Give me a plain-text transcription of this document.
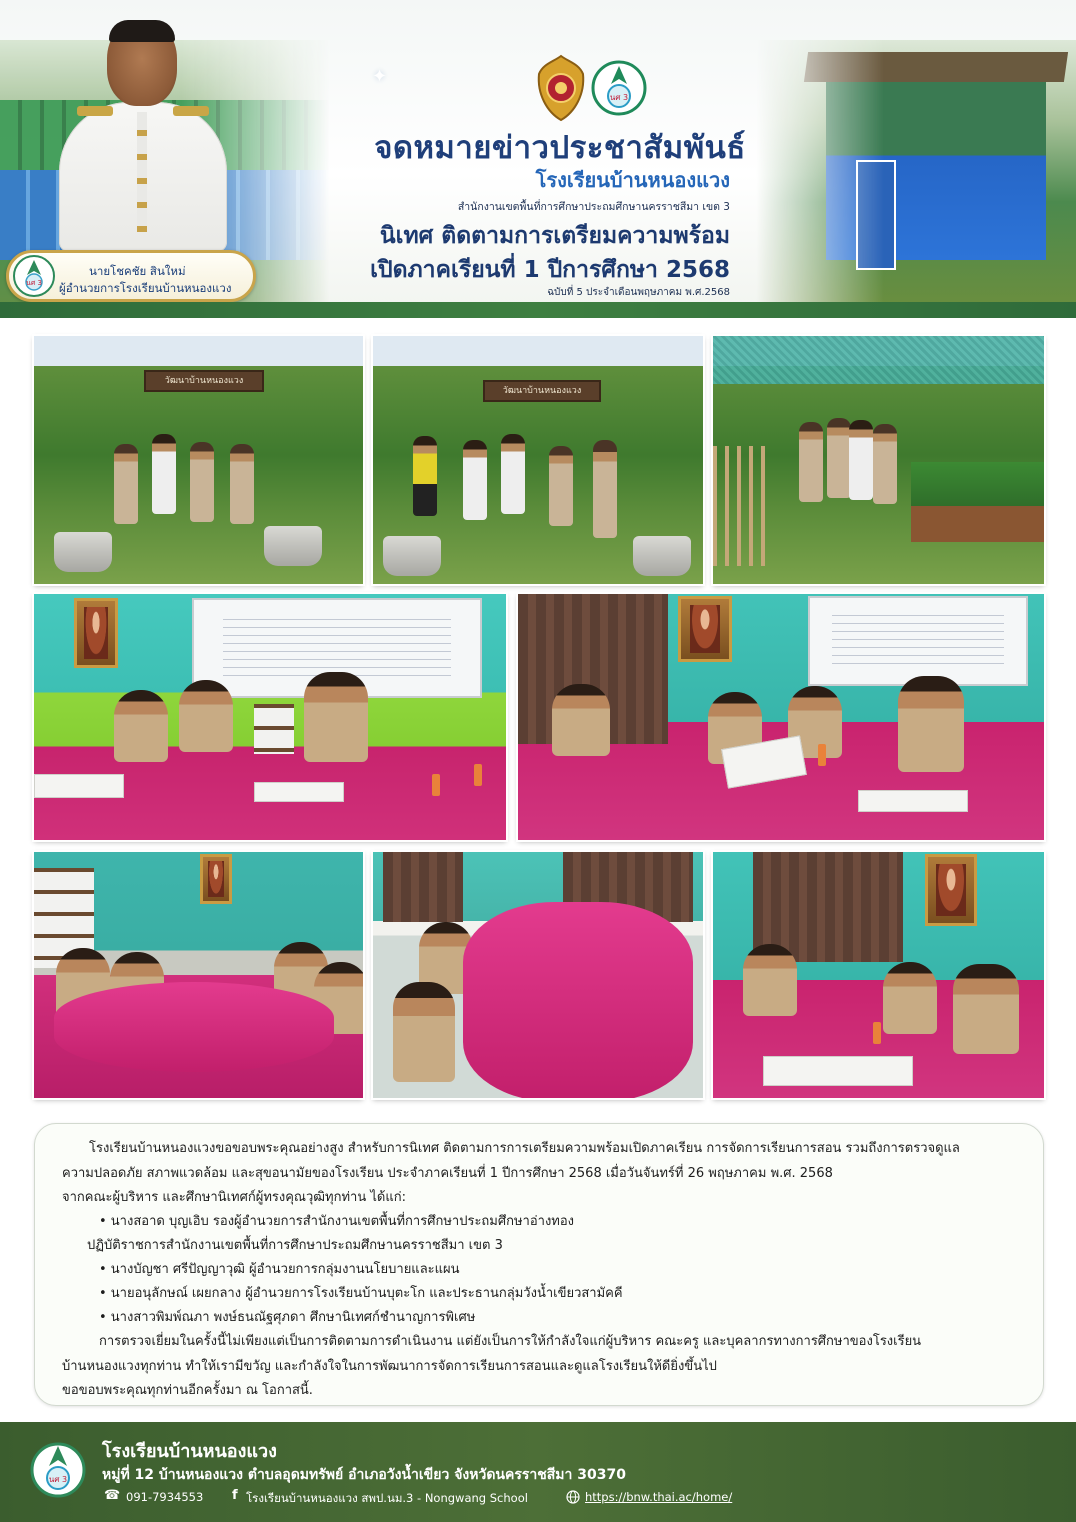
นศ 3
นายโชคชัย สินใหม่
ผู้อำนวยการโรงเรียนบ้านหนองแวง
นศ 3
✦
จดหมายข่าวประชาสัมพันธ์
โรงเรียนบ้านหนองแวง
สำนักงานเขตพื้นที่การศึกษาประถมศึกษานครราชสีมา เขต 3
นิเทศ ติดตามการเตรียมความพร้อม
เปิดภาคเรียนที่ 1 ปีการศึกษา 2568
ฉบับที่ 5 ประจำเดือนพฤษภาคม พ.ศ.2568
วัฒนาบ้านหนองแวง
วัฒนาบ้านหนองแวง
โรงเรียนบ้านหนองแวงขอขอบพระคุณอย่างสูง สำหรับการนิเทศ ติดตามการการเตรียมความพร้อมเปิดภาคเรียน การจัดการเรียนการสอน รวมถึงการตรวจดูแล
ความปลอดภัย สภาพแวดล้อม และสุขอนามัยของโรงเรียน ประจำภาคเรียนที่ 1 ปีการศึกษา 2568 เมื่อวันจันทร์ที่ 26 พฤษภาคม พ.ศ. 2568
จากคณะผู้บริหาร และศึกษานิเทศก์ผู้ทรงคุณวุฒิทุกท่าน ได้แก่:
• นางสอาด บุญเอิบ รองผู้อำนวยการสำนักงานเขตพื้นที่การศึกษาประถมศึกษาอ่างทอง
ปฏิบัติราชการสำนักงานเขตพื้นที่การศึกษาประถมศึกษานครราชสีมา เขต 3
• นางบัญชา ศรีปัญญาวุฒิ ผู้อำนวยการกลุ่มงานนโยบายและแผน
• นายอนุลักษณ์ เผยกลาง ผู้อำนวยการโรงเรียนบ้านบุตะโก และประธานกลุ่มวังน้ำเขียวสามัคคี
• นางสาวพิมพ์ณภา พงษ์ธนณัฐศุภดา ศึกษานิเทศก์ชำนาญการพิเศษ
การตรวจเยี่ยมในครั้งนี้ไม่เพียงแต่เป็นการติดตามการดำเนินงาน แต่ยังเป็นการให้กำลังใจแก่ผู้บริหาร คณะครู และบุคลากรทางการศึกษาของโรงเรียน
บ้านหนองแวงทุกท่าน ทำให้เรามีขวัญ และกำลังใจในการพัฒนาการจัดการเรียนการสอนและดูแลโรงเรียนให้ดียิ่งขึ้นไป
ขอขอบพระคุณทุกท่านอีกครั้งมา ณ โอกาสนี้.
นศ 3
โรงเรียนบ้านหนองแวง
หมู่ที่ 12 บ้านหนองแวง ตำบลอุดมทรัพย์ อำเภอวังน้ำเขียว จังหวัดนครราชสีมา 30370
☎ 091-7934553 f โรงเรียนบ้านหนองแวง สพป.นม.3 - Nongwang School	https://bnw.thai.ac/home/
